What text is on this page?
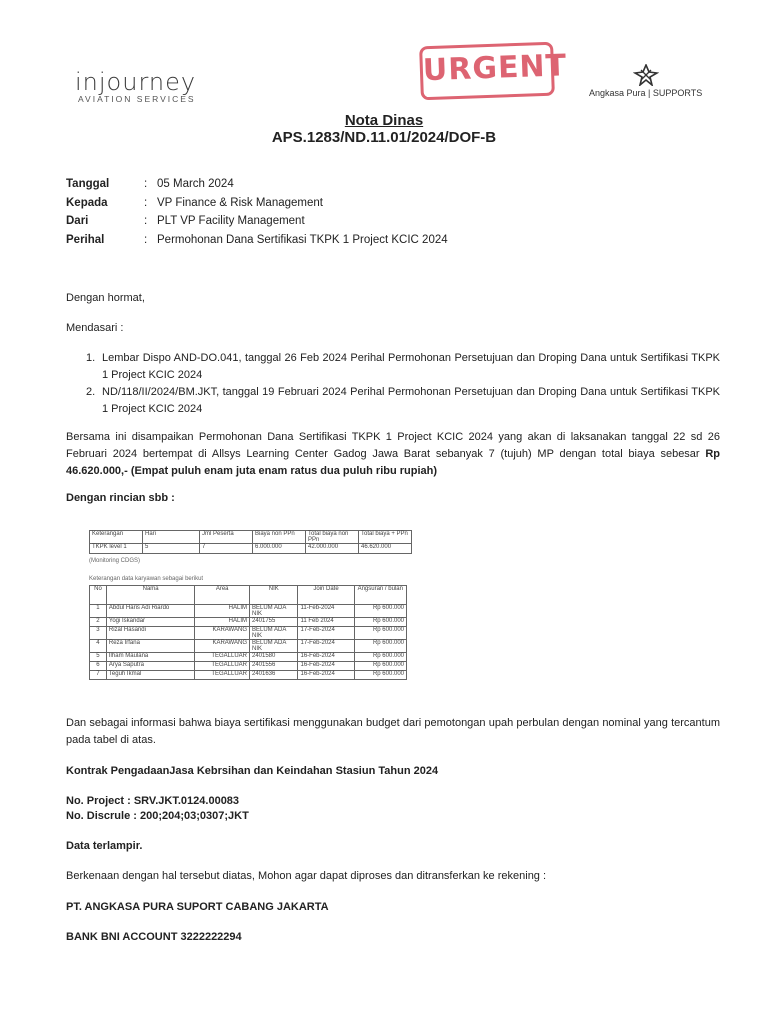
injourney
AVIATION SERVICES
URGENT
Angkasa Pura | SUPPORTS
Nota Dinas
APS.1283/ND.11.01/2024/DOF-B
Tanggal	: 05 March 2024
Kepada	: VP Finance & Risk Management
Dari	: PLT VP Facility Management
Perihal	: Permohonan Dana Sertifikasi TKPK 1 Project KCIC 2024
Dengan hormat,
Mendasari :
1. Lembar Dispo AND-DO.041, tanggal 26 Feb 2024 Perihal Permohonan Persetujuan dan Droping Dana untuk Sertifikasi TKPK 1 Project KCIC 2024
2. ND/118/II/2024/BM.JKT, tanggal 19 Februari 2024 Perihal Permohonan Persetujuan dan Droping Dana untuk Sertifikasi TKPK 1 Project KCIC 2024
Bersama ini disampaikan Permohonan Dana Sertifikasi TKPK 1 Project KCIC 2024 yang akan di laksanakan tanggal 22 sd 26 Februari 2024 bertempat di Allsys Learning Center Gadog Jawa Barat sebanyak 7 (tujuh) MP dengan total biaya sebesar Rp 46.620.000,- (Empat puluh enam juta enam ratus dua puluh ribu rupiah)
Dengan rincian sbb :
Keterangan	Hari	Jml Peserta	Biaya non PPn	Total biaya non PPn	Total biaya + PPn
TKPK level 1	5	7	6.000.000	42.000.000	46.620.000
(Monitoring CDGS)
Keterangan data karyawan sebagai berikut
No	Nama	Area	NIK	Join Date	Angsuran / bulan
1	Abdul Haris Adi Riardo	HALIM	BELUM ADA NIK	11-Feb-2024	Rp 600.000
2	Yogi Iskandar	HALIM	2401755	11 Feb 2024	Rp 600.000
3	Rizal Hasandi	KARAWANG	BELUM ADA NIK	17-Feb-2024	Rp 600.000
4	Reza Irfana	KARAWANG	BELUM ADA NIK	17-Feb-2024	Rp 600.000
5	Ilham Maulana	TEGALLUAR	2401580	16-Feb-2024	Rp 600.000
6	Arya Saputra	TEGALLUAR	2401556	16-Feb-2024	Rp 600.000
7	Teguh Ikmal	TEGALLUAR	2401636	16-Feb-2024	Rp 600.000
Dan sebagai informasi bahwa biaya sertifikasi menggunakan budget dari pemotongan upah perbulan dengan nominal yang tercantum pada tabel di atas.
Kontrak PengadaanJasa Kebrsihan dan Keindahan Stasiun Tahun 2024
No. Project : SRV.JKT.0124.00083
No. Discrule : 200;204;03;0307;JKT
Data terlampir.
Berkenaan dengan hal tersebut diatas, Mohon agar dapat diproses dan ditransferkan ke rekening :
PT. ANGKASA PURA SUPORT CABANG JAKARTA
BANK BNI ACCOUNT 3222222294
